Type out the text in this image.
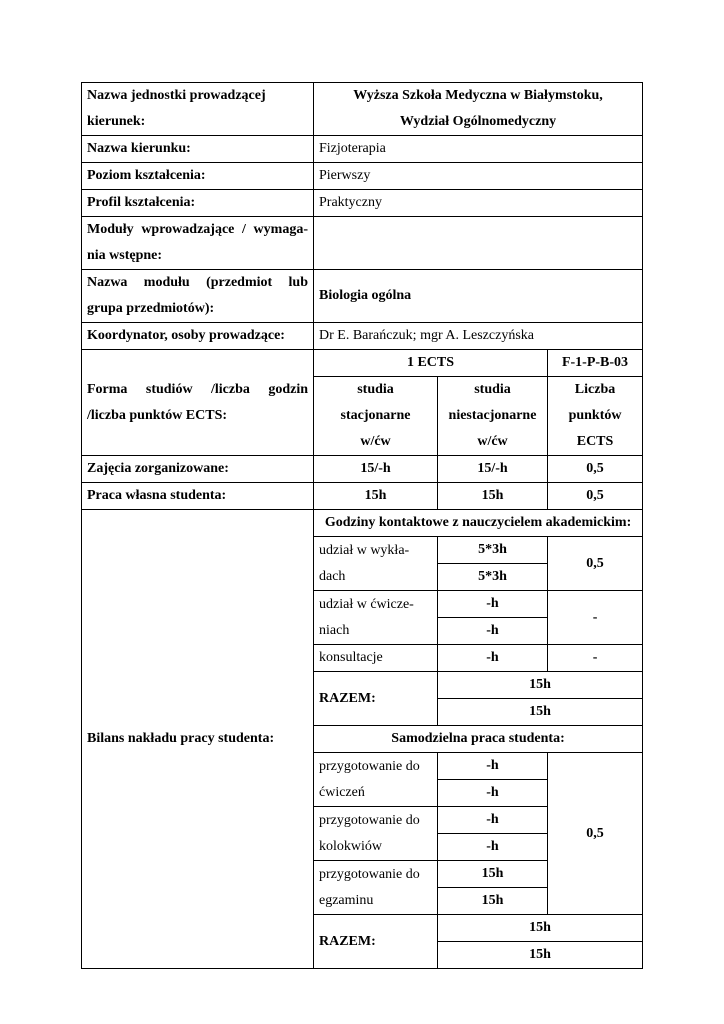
Nazwa jednostki prowadzącej
kierunek:	Wyższa Szkoła Medyczna w Białymstoku,
Wydział Ogólnomedyczny		

Nazwa kierunku:	Fizjoterapia		
Poziom kształcenia:	Pierwszy		
Profil kształcenia:	Praktyczny		

Moduły wprowadzające / wymaga-
nia wstępne:			

Nazwa modułu (przedmiot lub
grupa przedmiotów):	Biologia ogólna		
Koordynator, osoby prowadzące:	Dr E. Barańczuk; mgr A. Leszczyńska		

Forma studiów /liczba godzin
/liczba punktów ECTS:	1 ECTS		F-1-P-B-03

	studia
stacjonarne
w/ćw	studia
niestacjonarne
w/ćw	Liczba
punktów
ECTS

Zajęcia zorganizowane:	15/-h	15/-h	0,5
Praca własna studenta:	15h	15h	0,5
Bilans nakładu pracy studenta:	Godziny kontaktowe z nauczycielem akademickim:		

	udział w wykła-
dach	5*3h	0,5
		5*3h	

	udział w ćwicze-
niach	-h	-
		-h	
	konsultacje	-h	-
	RAZEM:	15h	
		15h	
	Samodzielna praca studenta:		

	przygotowanie do
ćwiczeń	-h	0,5
		-h	

	przygotowanie do
kolokwiów	-h	
		-h	

	przygotowanie do
egzaminu	15h	
		15h	
	RAZEM:	15h	
		15h	
